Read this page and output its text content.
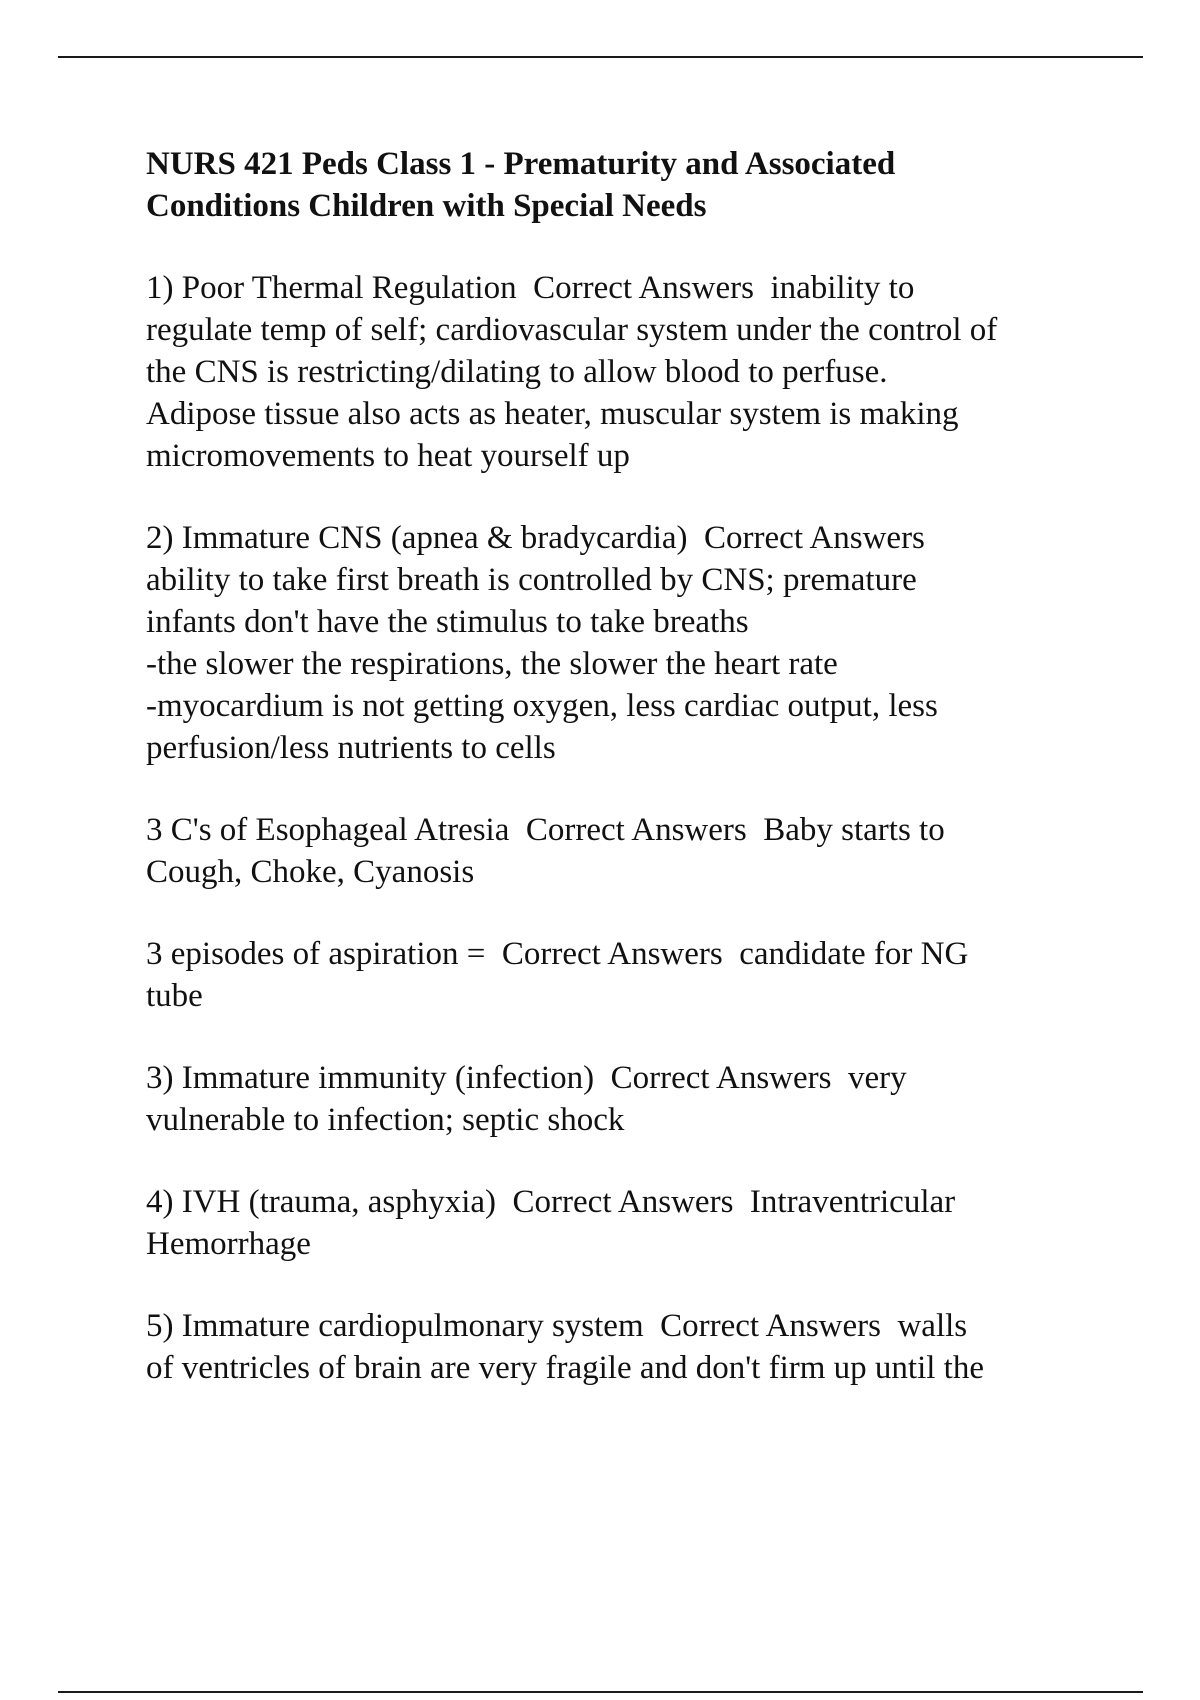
NURS 421 Peds Class 1 - Prematurity and Associated
Conditions Children with Special Needs

1) Poor Thermal Regulation  Correct Answers  inability to
regulate temp of self; cardiovascular system under the control of
the CNS is restricting/dilating to allow blood to perfuse.
Adipose tissue also acts as heater, muscular system is making
micromovements to heat yourself up

2) Immature CNS (apnea & bradycardia)  Correct Answers
ability to take first breath is controlled by CNS; premature
infants don't have the stimulus to take breaths
-the slower the respirations, the slower the heart rate
-myocardium is not getting oxygen, less cardiac output, less
perfusion/less nutrients to cells

3 C's of Esophageal Atresia  Correct Answers  Baby starts to
Cough, Choke, Cyanosis

3 episodes of aspiration =  Correct Answers  candidate for NG
tube

3) Immature immunity (infection)  Correct Answers  very
vulnerable to infection; septic shock

4) IVH (trauma, asphyxia)  Correct Answers  Intraventricular
Hemorrhage

5) Immature cardiopulmonary system  Correct Answers  walls
of ventricles of brain are very fragile and don't firm up until the
